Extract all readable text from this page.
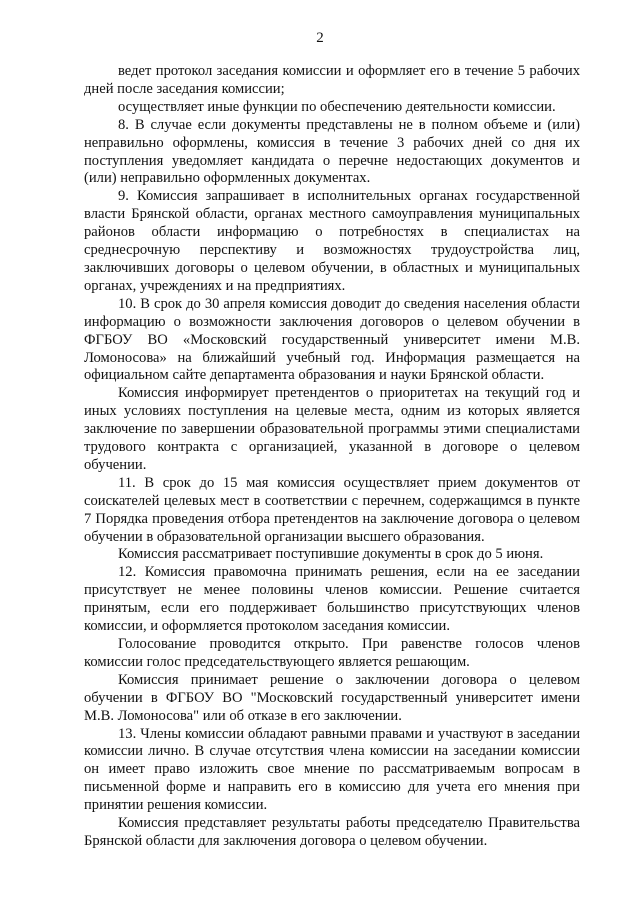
2

ведет протокол заседания комиссии и оформляет его в течение 5 рабочих дней после заседания комиссии;

осуществляет иные функции по обеспечению деятельности комиссии.

8. В случае если документы представлены не в полном объеме и (или) неправильно оформлены, комиссия в течение 3 рабочих дней со дня их поступления уведомляет кандидата о перечне недостающих документов и (или) неправильно оформленных документах.

9. Комиссия запрашивает в исполнительных органах государственной власти Брянской области, органах местного самоуправления муниципальных районов области информацию о потребностях в специалистах на среднесрочную перспективу и возможностях трудоустройства лиц, заключивших договоры о целевом обучении, в областных и муниципальных органах, учреждениях и на предприятиях.

10. В срок до 30 апреля комиссия доводит до сведения населения области информацию о возможности заключения договоров о целевом обучении в ФГБОУ ВО «Московский государственный университет имени М.В. Ломоносова» на ближайший учебный год. Информация размещается на официальном сайте департамента образования и науки Брянской области.

Комиссия информирует претендентов о приоритетах на текущий год и иных условиях поступления на целевые места, одним из которых является заключение по завершении образовательной программы этими специалистами трудового контракта с организацией, указанной в договоре о целевом обучении.

11. В срок до 15 мая комиссия осуществляет прием документов от соискателей целевых мест в соответствии с перечнем, содержащимся в пункте 7 Порядка проведения отбора претендентов на заключение договора о целевом обучении в образовательной организации высшего образования.

Комиссия рассматривает поступившие документы в срок до 5 июня.

12. Комиссия правомочна принимать решения, если на ее заседании присутствует не менее половины членов комиссии. Решение считается принятым, если его поддерживает большинство присутствующих членов комиссии, и оформляется протоколом заседания комиссии.

Голосование проводится открыто. При равенстве голосов членов комиссии голос председательствующего является решающим.

Комиссия принимает решение о заключении договора о целевом обучении в ФГБОУ ВО "Московский государственный университет имени М.В. Ломоносова" или об отказе в его заключении.

13. Члены комиссии обладают равными правами и участвуют в заседании комиссии лично. В случае отсутствия члена комиссии на заседании комиссии он имеет право изложить свое мнение по рассматриваемым вопросам в письменной форме и направить его в комиссию для учета его мнения при принятии решения комиссии.

Комиссия представляет результаты работы председателю Правительства Брянской области для заключения договора о целевом обучении.
